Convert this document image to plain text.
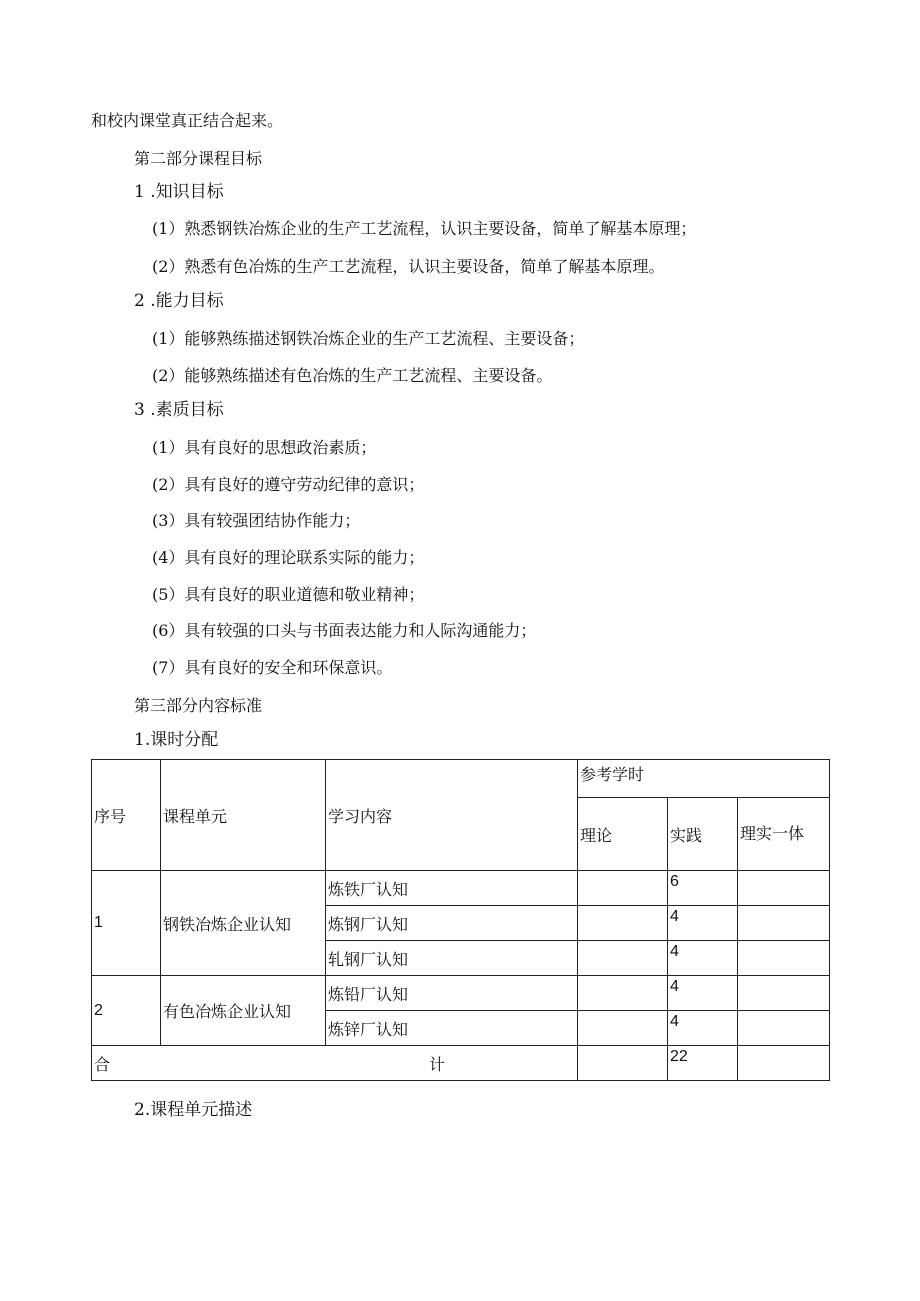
和校内课堂真正结合起来。
第二部分课程目标
1 .知识目标
(1）熟悉钢铁冶炼企业的生产工艺流程，认识主要设备，简单了解基本原理；
(2）熟悉有色冶炼的生产工艺流程，认识主要设备，简单了解基本原理。
2 .能力目标
(1）能够熟练描述钢铁冶炼企业的生产工艺流程、主要设备；
(2）能够熟练描述有色冶炼的生产工艺流程、主要设备。
3 .素质目标
(1）具有良好的思想政治素质；
(2）具有良好的遵守劳动纪律的意识；
(3）具有较强团结协作能力；
(4）具有良好的理论联系实际的能力；
(5）具有良好的职业道德和敬业精神；
(6）具有较强的口头与书面表达能力和人际沟通能力；
(7）具有良好的安全和环保意识。
第三部分内容标准
1.课时分配
序号	课程单元	学习内容	参考学时		
			理论	实践	理实一体
1	钢铁冶炼企业认知	炼铁厂认知		6	
		炼钢厂认知		4	
		轧钢厂认知		4	
2	有色冶炼企业认知	炼铅厂认知		4	
		炼锌厂认知		4	

合 计				22	
2.课程单元描述
